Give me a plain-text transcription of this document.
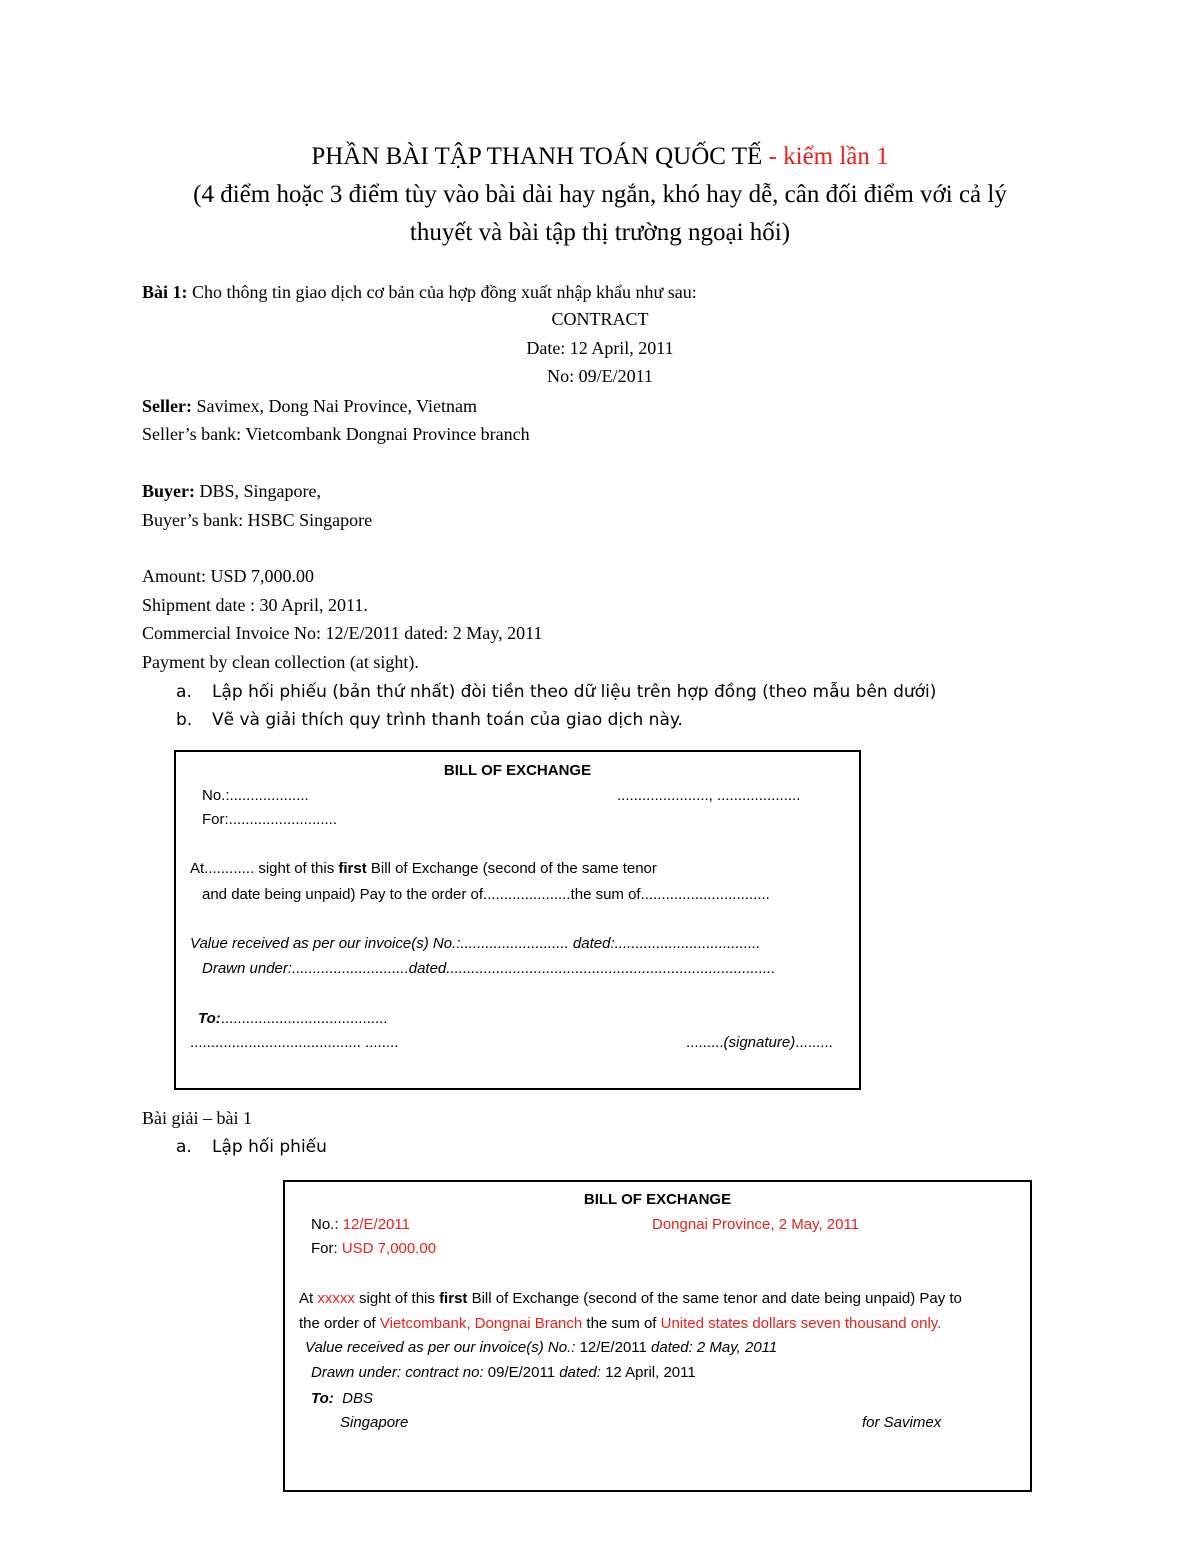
PHẦN BÀI TẬP THANH TOÁN QUỐC TẾ - kiểm lần 1
(4 điểm hoặc 3 điểm tùy vào bài dài hay ngắn, khó hay dễ, cân đối điểm với cả lý
thuyết và bài tập thị trường ngoại hối)
Bài 1: Cho thông tin giao dịch cơ bản của hợp đồng xuất nhập khẩu như sau:
CONTRACT
Date: 12 April, 2011
No: 09/E/2011
Seller: Savimex, Dong Nai Province, Vietnam
Seller’s bank: Vietcombank Dongnai Province branch
Buyer: DBS, Singapore,
Buyer’s bank: HSBC Singapore
Amount: USD 7,000.00
Shipment date : 30 April, 2011.
Commercial Invoice No: 12/E/2011 dated: 2 May, 2011
Payment by clean collection (at sight).
a. Lập hối phiếu (bản thứ nhất) đòi tiền theo dữ liệu trên hợp đồng (theo mẫu bên dưới)
b. Vẽ và giải thích quy trình thanh toán của giao dịch này.
BILL OF EXCHANGE
No.:...................	......................, ....................
For:..........................
At............ sight of this first Bill of Exchange (second of the same tenor
and date being unpaid) Pay to the order of.....................the sum of...............................
Value received as per our invoice(s) No.:.......................... dated:...................................
Drawn under:............................dated...............................................................................
To:........................................
......................................... ........	.........(signature).........
Bài giải – bài 1
a. Lập hối phiếu
BILL OF EXCHANGE
No.: 12/E/2011	Dongnai Province, 2 May, 2011
For: USD 7,000.00
At xxxxx sight of this first Bill of Exchange (second of the same tenor and date being unpaid) Pay to
the order of Vietcombank, Dongnai Branch the sum of United states dollars seven thousand only.
Value received as per our invoice(s) No.: 12/E/2011 dated: 2 May, 2011
Drawn under: contract no: 09/E/2011 dated: 12 April, 2011
To: DBS
Singapore	for Savimex
